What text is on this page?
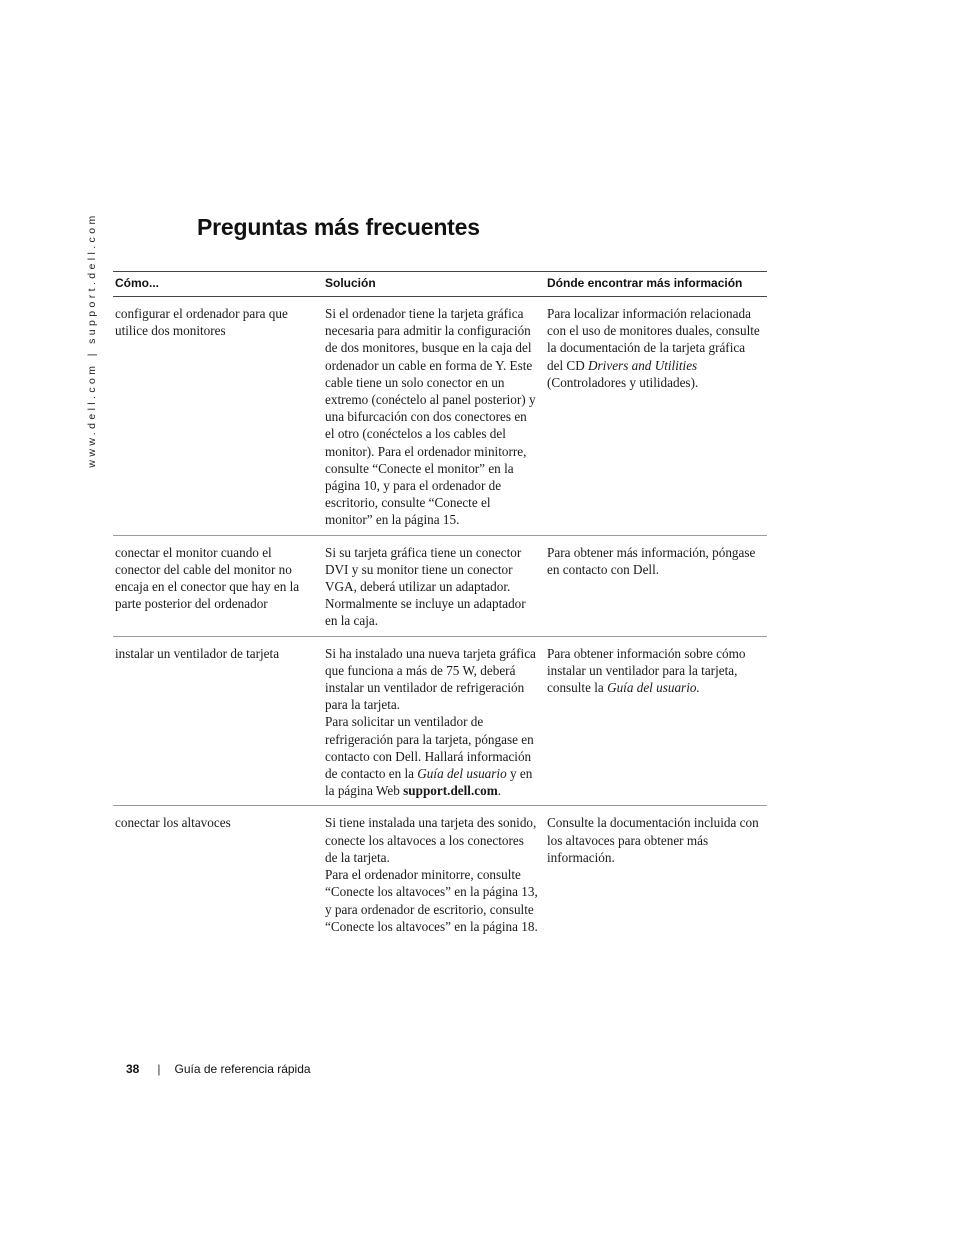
www.dell.com | support.dell.com	Preguntas más frecuentes
Cómo...	Solución	Dónde encontrar más información
configurar el ordenador para que utilice dos monitores	Si el ordenador tiene la tarjeta gráfica necesaria para admitir la configuración de dos monitores, busque en la caja del ordenador un cable en forma de Y. Este cable tiene un solo conector en un extremo (conéctelo al panel posterior) y una bifurcación con dos conectores en el otro (conéctelos a los cables del monitor). Para el ordenador minitorre, consulte “Conecte el monitor” en la página 10, y para el ordenador de escritorio, consulte “Conecte el monitor” en la página 15.	Para localizar información relacionada con el uso de monitores duales, consulte la documentación de la tarjeta gráfica del CD Drivers and Utilities (Controladores y utilidades).
conectar el monitor cuando el conector del cable del monitor no encaja en el conector que hay en la parte posterior del ordenador	Si su tarjeta gráfica tiene un conector DVI y su monitor tiene un conector VGA, deberá utilizar un adaptador. Normalmente se incluye un adaptador en la caja.	Para obtener más información, póngase en contacto con Dell.
instalar un ventilador de tarjeta	Si ha instalado una nueva tarjeta gráfica que funciona a más de 75 W, deberá instalar un ventilador de refrigeración para la tarjeta.

Para solicitar un ventilador de refrigeración para la tarjeta, póngase en contacto con Dell. Hallará información de contacto en la Guía del usuario y en la página Web support.dell.com.	Para obtener información sobre cómo instalar un ventilador para la tarjeta, consulte la Guía del usuario.
conectar los altavoces	Si tiene instalada una tarjeta des sonido, conecte los altavoces a los conectores de la tarjeta.

Para el ordenador minitorre, consulte “Conecte los altavoces” en la página 13, y para ordenador de escritorio, consulte “Conecte los altavoces” en la página 18.	Consulte la documentación incluida con los altavoces para obtener más información.
38 | Guía de referencia rápida
